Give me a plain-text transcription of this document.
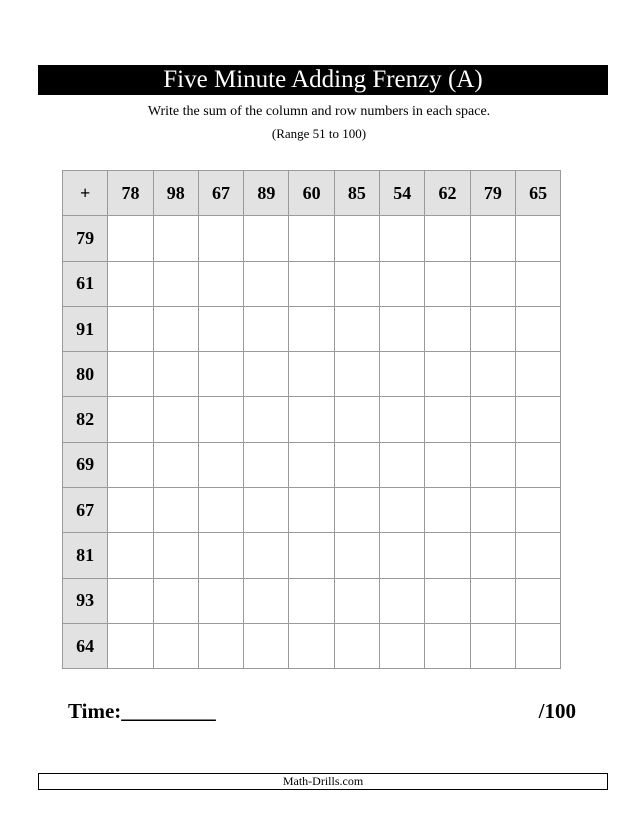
Five Minute Adding Frenzy (A)
Write the sum of the column and row numbers in each space.
(Range 51 to 100)
+	78	98	67	89	60	85	54	62	79	65
79										
61										
91										
80										
82										
69										
67										
81										
93										
64										
Time:_________	/100
Math-Drills.com
